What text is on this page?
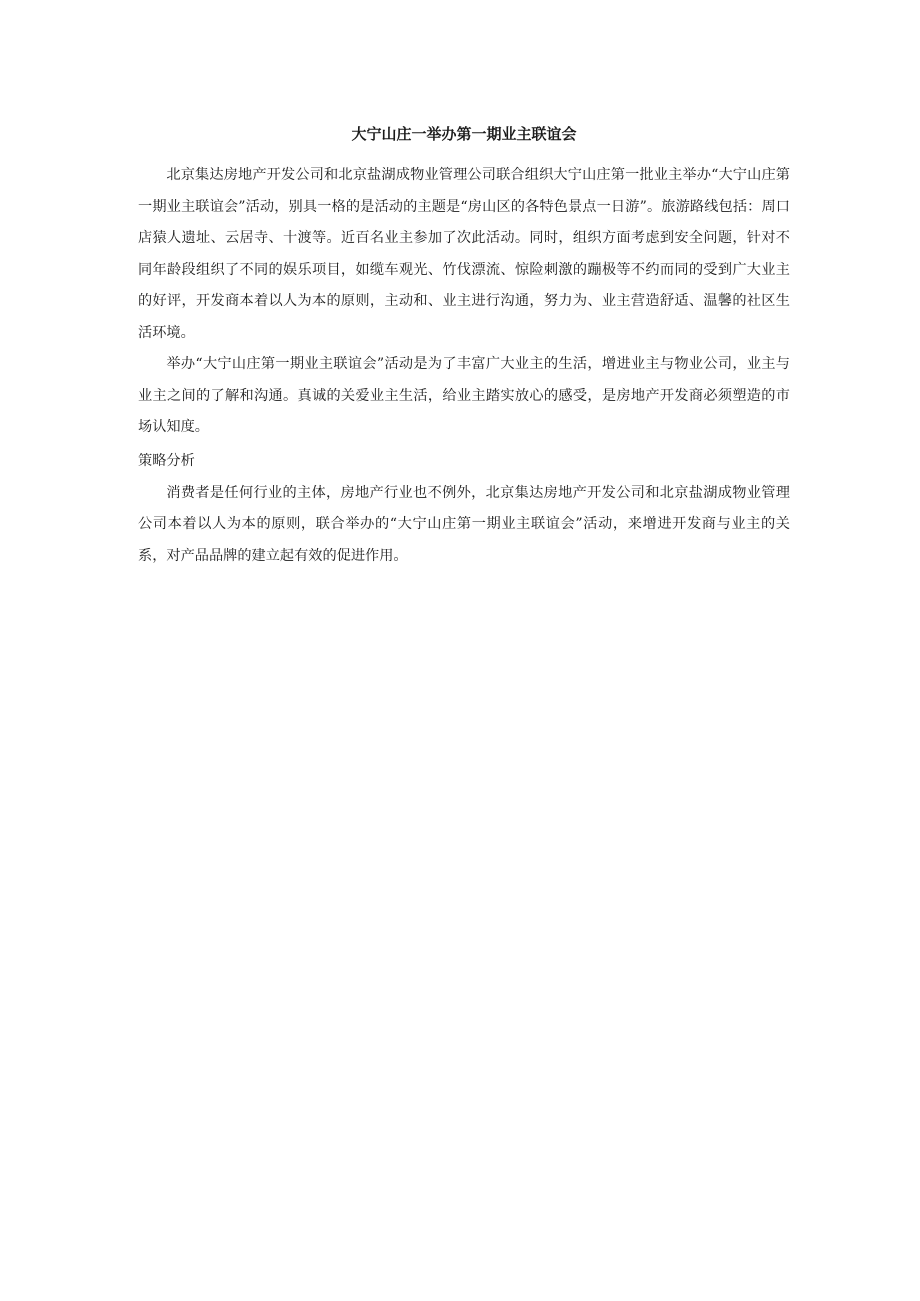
大宁山庄一举办第一期业主联谊会

北京集达房地产开发公司和北京盐湖成物业管理公司联合组织大宁山庄第一批业主举办“大宁山庄第一期业主联谊会”活动，别具一格的是活动的主题是“房山区的各特色景点一日游”。旅游路线包括：周口店猿人遗址、云居寺、十渡等。近百名业主参加了次此活动。同时，组织方面考虑到安全问题，针对不同年龄段组织了不同的娱乐项目，如缆车观光、竹伐漂流、惊险刺激的蹦极等不约而同的受到广大业主的好评，开发商本着以人为本的原则，主动和、业主进行沟通，努力为、业主营造舒适、温馨的社区生活环境。

举办“大宁山庄第一期业主联谊会”活动是为了丰富广大业主的生活，增进业主与物业公司，业主与业主之间的了解和沟通。真诚的关爱业主生活，给业主踏实放心的感受，是房地产开发商必须塑造的市场认知度。

策略分析

消费者是任何行业的主体，房地产行业也不例外，北京集达房地产开发公司和北京盐湖成物业管理公司本着以人为本的原则，联合举办的“大宁山庄第一期业主联谊会”活动，来增进开发商与业主的关系，对产品品牌的建立起有效的促进作用。
